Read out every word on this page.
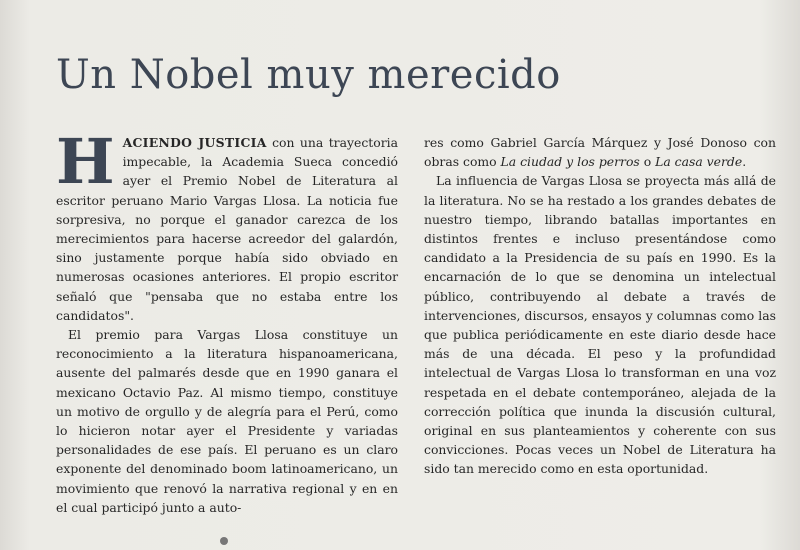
Un Nobel muy merecido

HACIENDO JUSTICIA con una trayectoria impecable, la Academia Sueca concedió ayer el Premio Nobel de Literatura al escritor peruano Mario Vargas Llosa. La noticia fue sorpresiva, no porque el ganador carezca de los merecimientos para hacerse acreedor del galardón, sino justamente porque había sido obviado en numerosas ocasiones anteriores. El propio escritor señaló que "pensaba que no estaba entre los candidatos".

El premio para Vargas Llosa constituye un reconocimiento a la literatura hispanoamericana, ausente del palmarés desde que en 1990 ganara el mexicano Octavio Paz. Al mismo tiempo, constituye un motivo de orgullo y de alegría para el Perú, como lo hicieron notar ayer el Presidente y variadas personalidades de ese país. El peruano es un claro exponente del denominado boom latinoamericano, un movimiento que renovó la narrativa regional y en en el cual participó junto a auto-

res como Gabriel García Márquez y José Donoso con obras como La ciudad y los perros o La casa verde.

La influencia de Vargas Llosa se proyecta más allá de la literatura. No se ha restado a los grandes debates de nuestro tiempo, librando batallas importantes en distintos frentes e incluso presentándose como candidato a la Presidencia de su país en 1990. Es la encarnación de lo que se denomina un intelectual público, contribuyendo al debate a través de intervenciones, discursos, ensayos y columnas como las que publica periódicamente en este diario desde hace más de una década. El peso y la profundidad intelectual de Vargas Llosa lo transforman en una voz respetada en el debate contemporáneo, alejada de la corrección política que inunda la discusión cultural, original en sus planteamientos y coherente con sus convicciones. Pocas veces un Nobel de Literatura ha sido tan merecido como en esta oportunidad.
